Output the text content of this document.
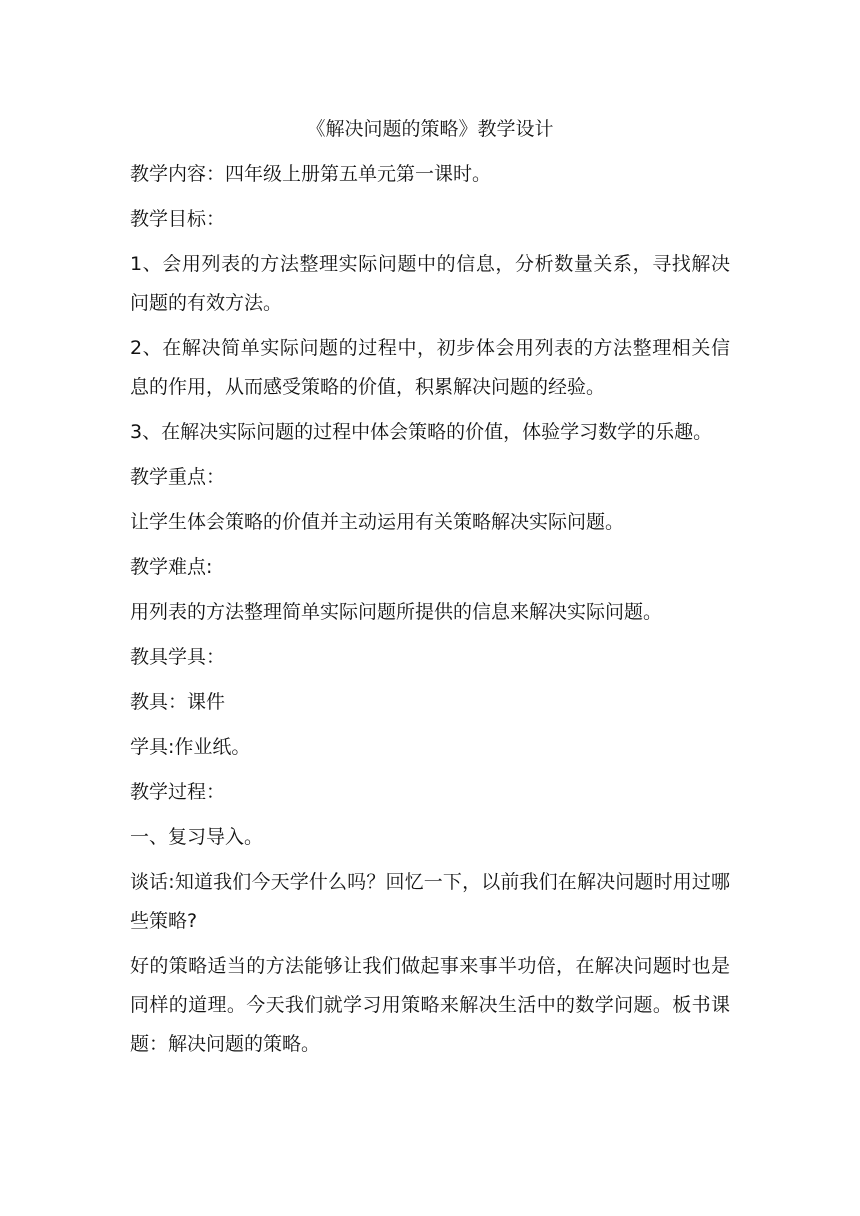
《解决问题的策略》教学设计
教学内容：四年级上册第五单元第一课时。
教学目标：
1、会用列表的方法整理实际问题中的信息，分析数量关系，寻找解决问题的有效方法。
2、在解决简单实际问题的过程中，初步体会用列表的方法整理相关信息的作用，从而感受策略的价值，积累解决问题的经验。
3、在解决实际问题的过程中体会策略的价值，体验学习数学的乐趣。
教学重点：
让学生体会策略的价值并主动运用有关策略解决实际问题。
教学难点:
用列表的方法整理简单实际问题所提供的信息来解决实际问题。
教具学具：
教具：课件
学具:作业纸。
教学过程：
一、复习导入。
谈话:知道我们今天学什么吗？回忆一下，以前我们在解决问题时用过哪些策略?
好的策略适当的方法能够让我们做起事来事半功倍，在解决问题时也是同样的道理。今天我们就学习用策略来解决生活中的数学问题。板书课题：解决问题的策略。
